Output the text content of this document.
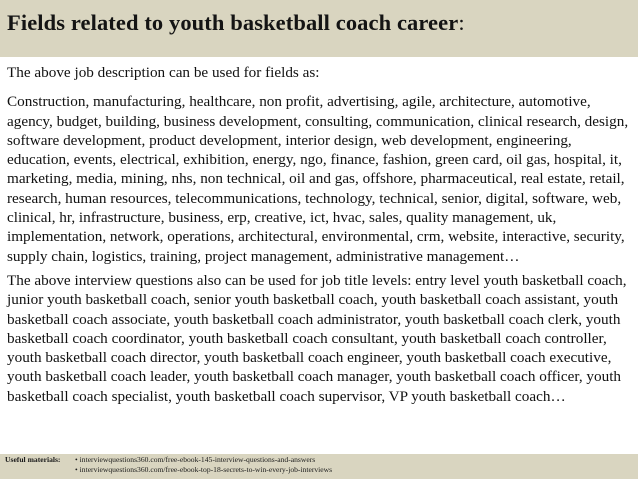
Fields related to youth basketball coach career:

The above job description can be used for fields as:

Construction, manufacturing, healthcare, non profit, advertising, agile, architecture, automotive, agency, budget, building, business development, consulting, communication, clinical research, design, software development, product development, interior design, web development, engineering, education, events, electrical, exhibition, energy, ngo, finance, fashion, green card, oil gas, hospital, it, marketing, media, mining, nhs, non technical, oil and gas, offshore, pharmaceutical, real estate, retail, research, human resources, telecommunications, technology, technical, senior, digital, software, web, clinical, hr, infrastructure, business, erp, creative, ict, hvac, sales, quality management, uk, implementation, network, operations, architectural, environmental, crm, website, interactive, security, supply chain, logistics, training, project management, administrative management…

The above interview questions also can be used for job title levels: entry level youth basketball coach, junior youth basketball coach, senior youth basketball coach, youth basketball coach assistant, youth basketball coach associate, youth basketball coach administrator, youth basketball coach clerk, youth basketball coach coordinator, youth basketball coach consultant, youth basketball coach controller, youth basketball coach director, youth basketball coach engineer, youth basketball coach executive, youth basketball coach leader, youth basketball coach manager, youth basketball coach officer, youth basketball coach specialist, youth basketball coach supervisor, VP youth basketball coach…

Useful materials:	• interviewquestions360.com/free-ebook-145-interview-questions-and-answers
• interviewquestions360.com/free-ebook-top-18-secrets-to-win-every-job-interviews
